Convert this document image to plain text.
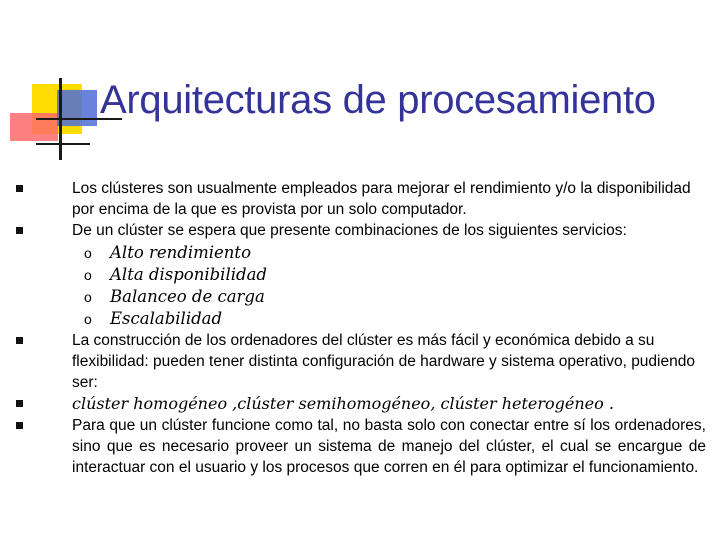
Arquitecturas de procesamiento
Los clústeres son usualmente empleados para mejorar el rendimiento y/o la disponibilidad por encima de la que es provista por un solo computador.
De un clúster se espera que presente combinaciones de los siguientes servicios:
o	Alto rendimiento
o	Alta disponibilidad
o	Balanceo de carga
o	Escalabilidad
La construcción de los ordenadores del clúster es más fácil y económica debido a su flexibilidad: pueden tener distinta configuración de hardware y sistema operativo, pudiendo ser:
clúster homogéneo ,clúster semihomogéneo, clúster heterogéneo .
Para que un clúster funcione como tal, no basta solo con conectar entre sí los ordenadores, sino que es necesario proveer un sistema de manejo del clúster, el cual se encargue de interactuar con el usuario y los procesos que corren en él para optimizar el funcionamiento.
